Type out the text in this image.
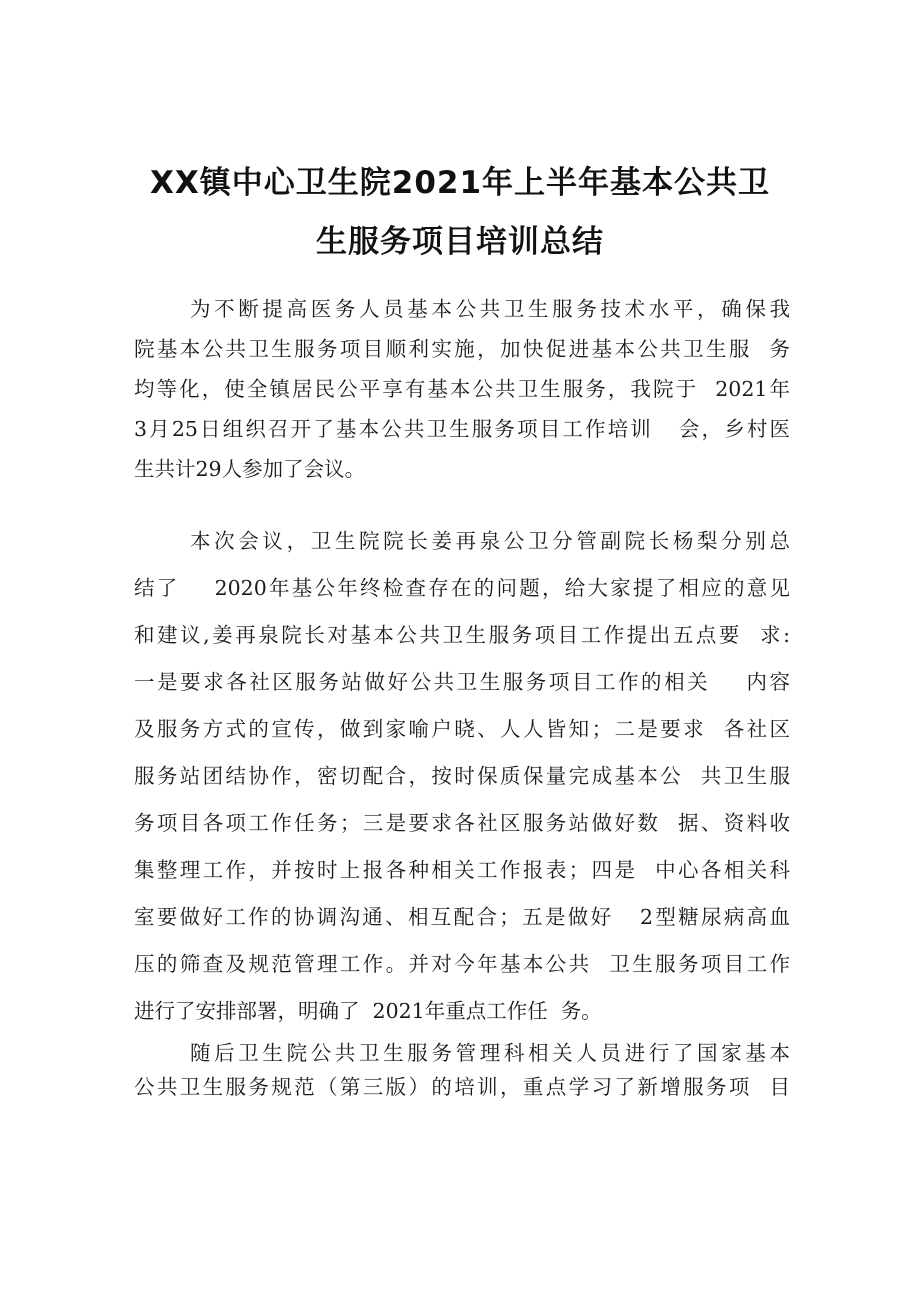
XX镇中心卫生院2021年上半年基本公共卫
生服务项目培训总结
为不断提高医务人员基本公共卫生服务技术水平，确保我
院基本公共卫生服务项目顺利实施，加快促进基本公共卫生服  务
均等化，使全镇居民公平享有基本公共卫生服务，我院于  2021年
3月25日组织召开了基本公共卫生服务项目工作培训   会，乡村医
生共计29人参加了会议。
本次会议，卫生院院长姜再泉公卫分管副院长杨梨分别总
结了    2020年基公年终检查存在的问题，给大家提了相应的意见
和建议,姜再泉院长对基本公共卫生服务项目工作提出五点要  求:
一是要求各社区服务站做好公共卫生服务项目工作的相关    内容
及服务方式的宣传，做到家喻户晓、人人皆知；二是要求  各社区
服务站团结协作，密切配合，按时保质保量完成基本公  共卫生服
务项目各项工作任务；三是要求各社区服务站做好数  据、资料收
集整理工作，并按时上报各种相关工作报表；四是  中心各相关科
室要做好工作的协调沟通、相互配合；五是做好   2型糖尿病高血
压的筛查及规范管理工作。并对今年基本公共  卫生服务项目工作
进行了安排部署，明确了  2021年重点工作任  务。
随后卫生院公共卫生服务管理科相关人员进行了国家基本
公共卫生服务规范（第三版）的培训，重点学习了新增服务项  目
